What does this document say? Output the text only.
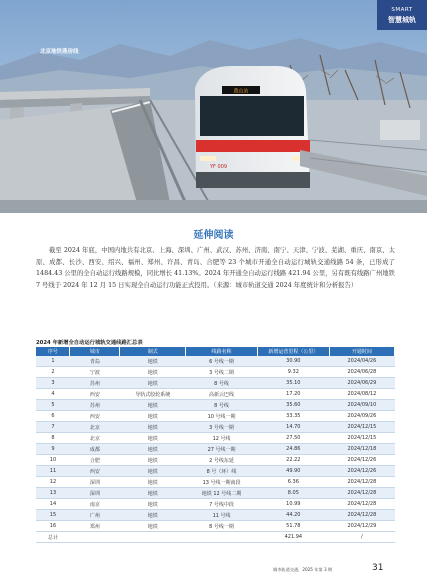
燕山站
北京
YF 009
SMART
智慧城轨
北京地铁燕房线
延伸阅读

截至 2024 年底，中国内地共有北京、上海、深圳、广州、武汉、苏州、济南、南宁、天津、宁波、芜湖、重庆、南京、太原、成都、长沙、西安、绍兴、福州、郑州、许昌、青岛、合肥等 23 个城市开通全自动运行城轨交通线路 54 条，已形成了 1484.43 公里的全自动运行线路规模，同比增长 41.13%。2024 年开通全自动运行线路 421.94 公里，另有既有线路广州地铁 7 号线于 2024 年 12 月 15 日实现全自动运行功能正式投用。（来源：城市轨道交通 2024 年度统计和分析报告）

2024 年新增全自动运行城轨交通线路汇总表
序号	城市	制式	线路名称	新增运营里程（公里）	开通时间
1	青岛	地铁	6 号线一期	30.90	2024/04/26
2	宁波	地铁	3 号线二期	9.32	2024/06/28
3	苏州	地铁	8 号线	35.10	2024/06/29
4	西安	导轨式胶轮系统	高新云巴线	17.20	2024/08/12
5	苏州	地铁	8 号线	35.60	2024/09/10
6	西安	地铁	10 号线一期	33.35	2024/09/26
7	北京	地铁	3 号线一期	14.70	2024/12/15
8	北京	地铁	12 号线	27.50	2024/12/15
9	成都	地铁	27 号线一期	24.86	2024/12/18
10	合肥	地铁	2 号线东延	22.22	2024/12/26
11	西安	地铁	8 号（环）线	49.90	2024/12/26
12	深圳	地铁	13 号线一期南段	6.36	2024/12/28
13	深圳	地铁	地铁 12 号线二期	8.05	2024/12/28
14	南京	地铁	7 号线中段	10.99	2024/12/28
15	广州	地铁	11 号线	44.20	2024/12/28
16	郑州	地铁	8 号线一期	51.78	2024/12/29
总计				421.94	/
城市轨道交通，2025 年第 3 期	31
